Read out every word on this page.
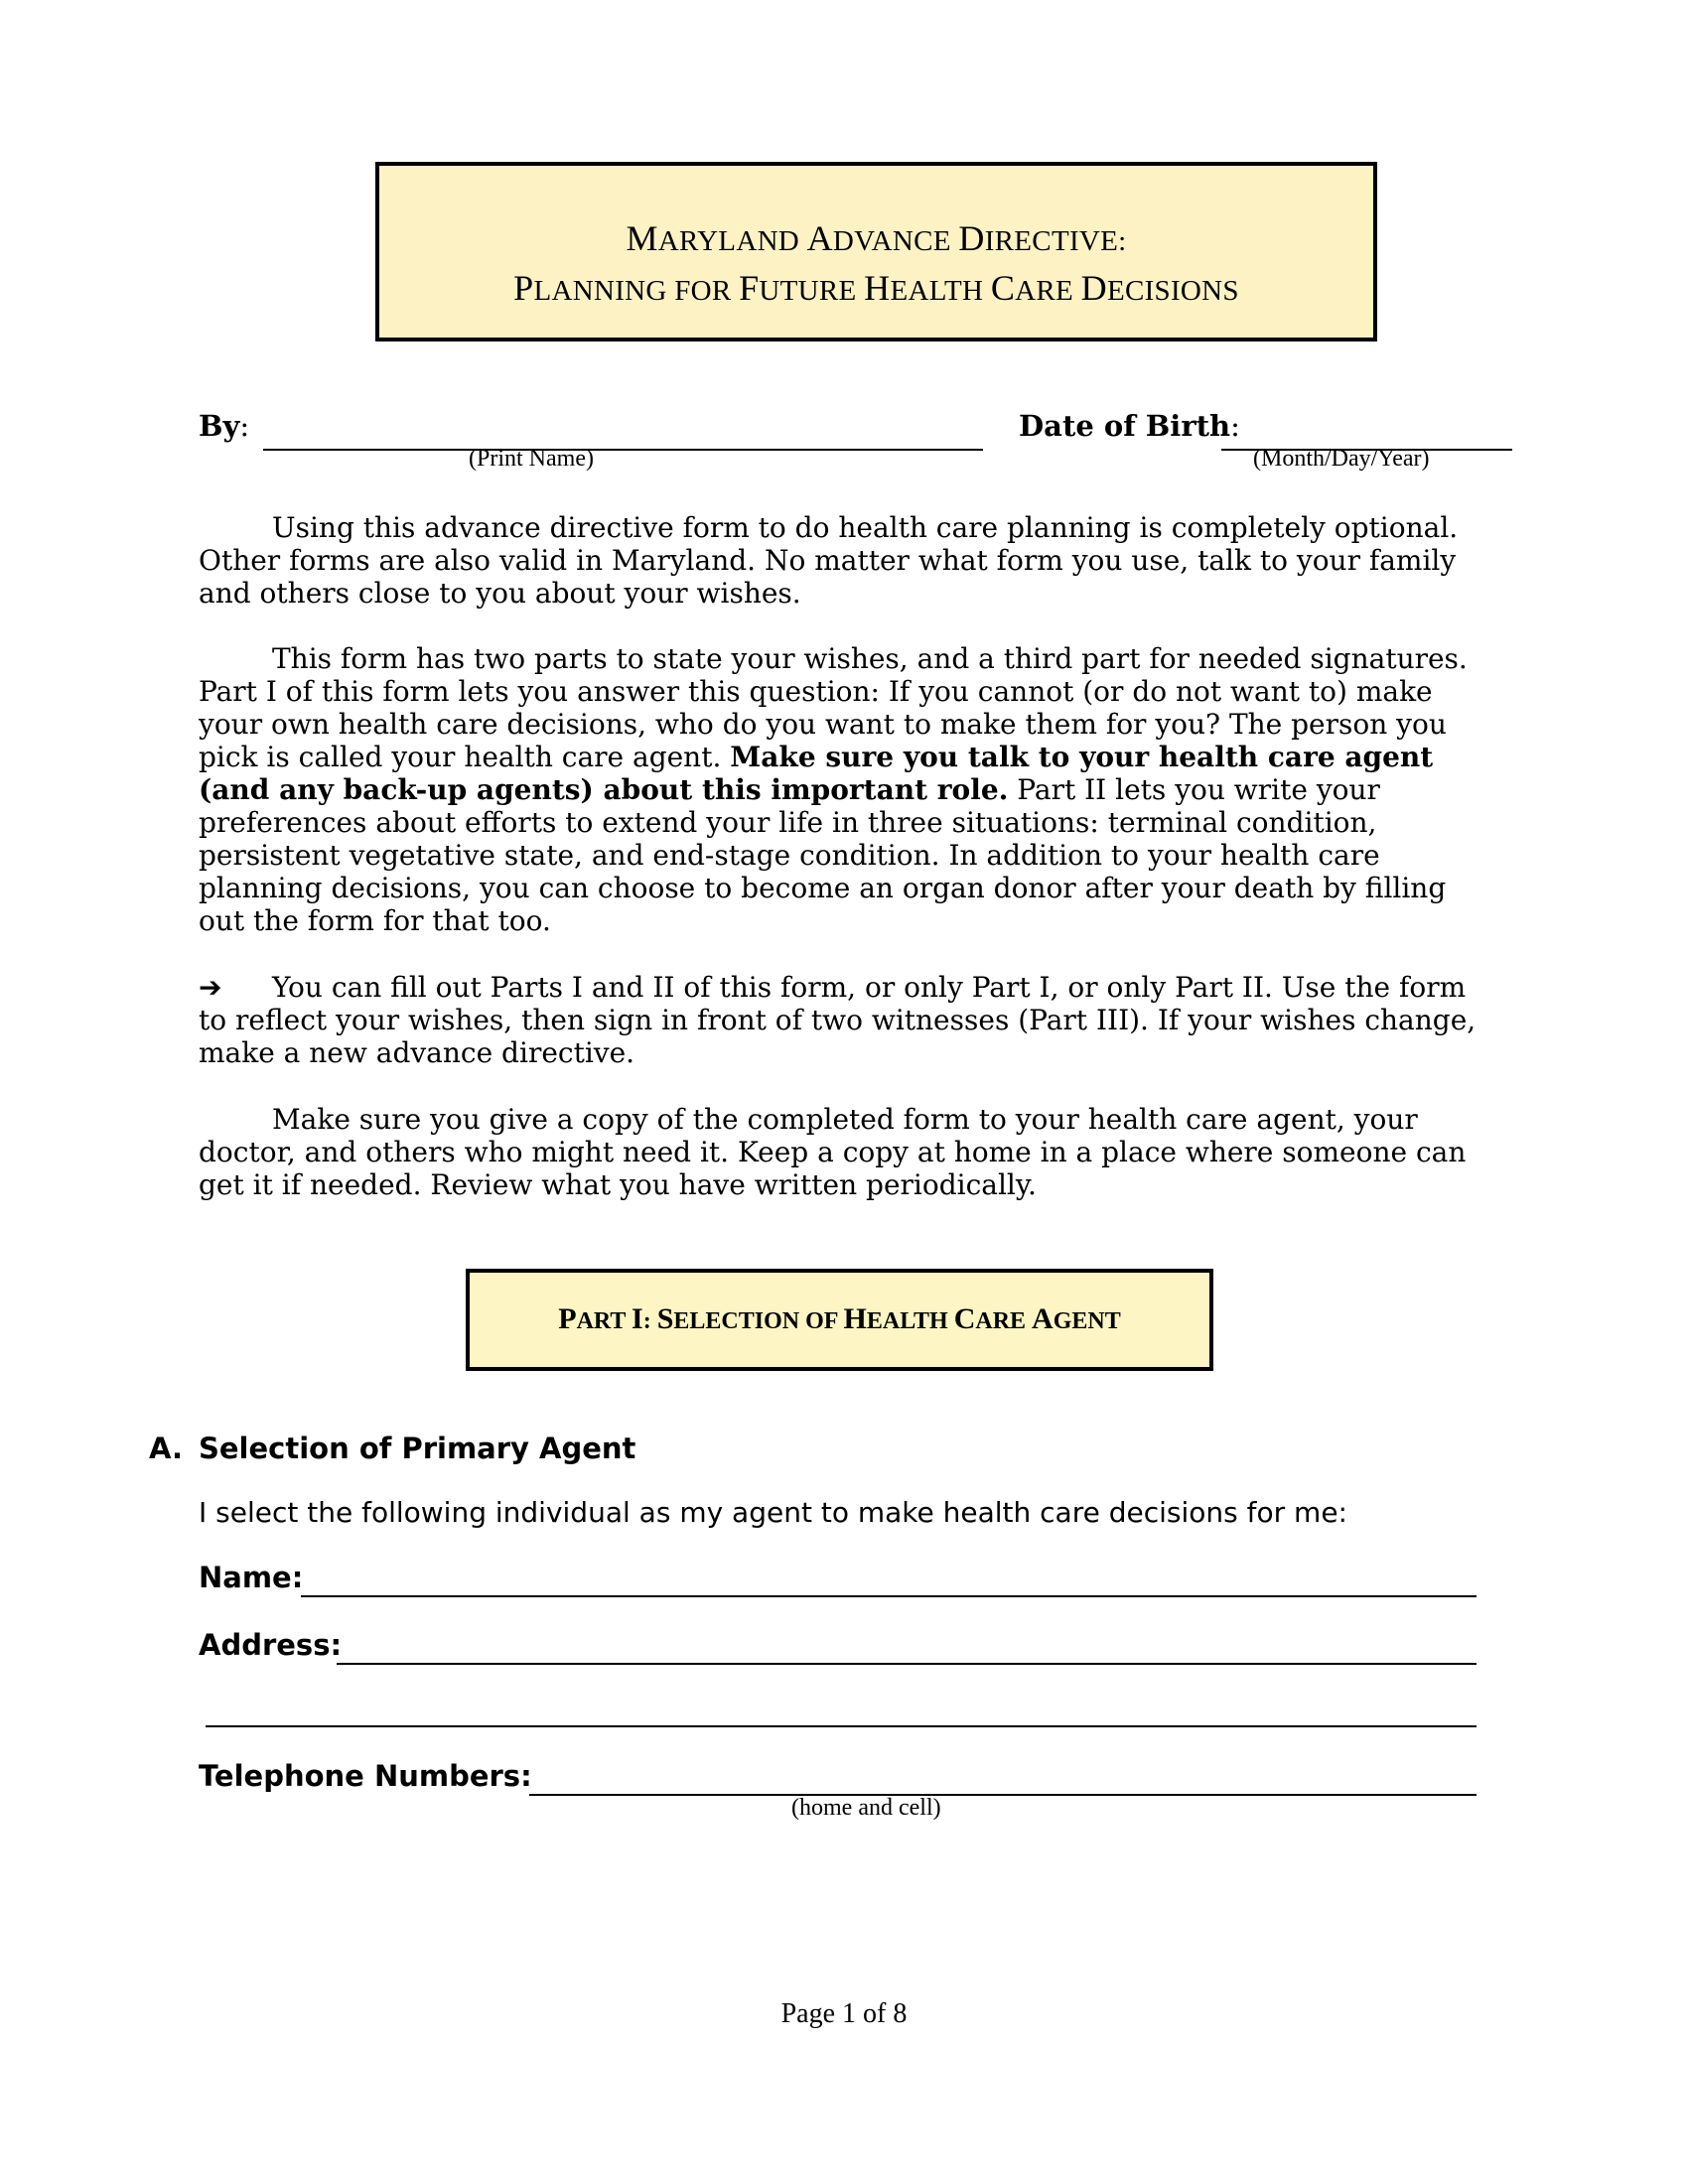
MARYLAND ADVANCE DIRECTIVE:
PLANNING FOR FUTURE HEALTH CARE DECISIONS
By:
(Print Name)
Date of Birth:
(Month/Day/Year)
Using this advance directive form to do health care planning is completely optional. Other forms are also valid in Maryland. No matter what form you use, talk to your family and others close to you about your wishes.
This form has two parts to state your wishes, and a third part for needed signatures. Part I of this form lets you answer this question: If you cannot (or do not want to) make your own health care decisions, who do you want to make them for you? The person you pick is called your health care agent. Make sure you talk to your health care agent (and any back-up agents) about this important role. Part II lets you write your preferences about efforts to extend your life in three situations: terminal condition, persistent vegetative state, and end-stage condition. In addition to your health care planning decisions, you can choose to become an organ donor after your death by filling out the form for that too.
➔ You can fill out Parts I and II of this form, or only Part I, or only Part II. Use the form to reflect your wishes, then sign in front of two witnesses (Part III). If your wishes change, make a new advance directive.
Make sure you give a copy of the completed form to your health care agent, your doctor, and others who might need it. Keep a copy at home in a place where someone can get it if needed. Review what you have written periodically.
PART I: SELECTION OF HEALTH CARE AGENT
A. Selection of Primary Agent
I select the following individual as my agent to make health care decisions for me:
Name:
Address:
Telephone Numbers:
(home and cell)
Page 1 of 8
